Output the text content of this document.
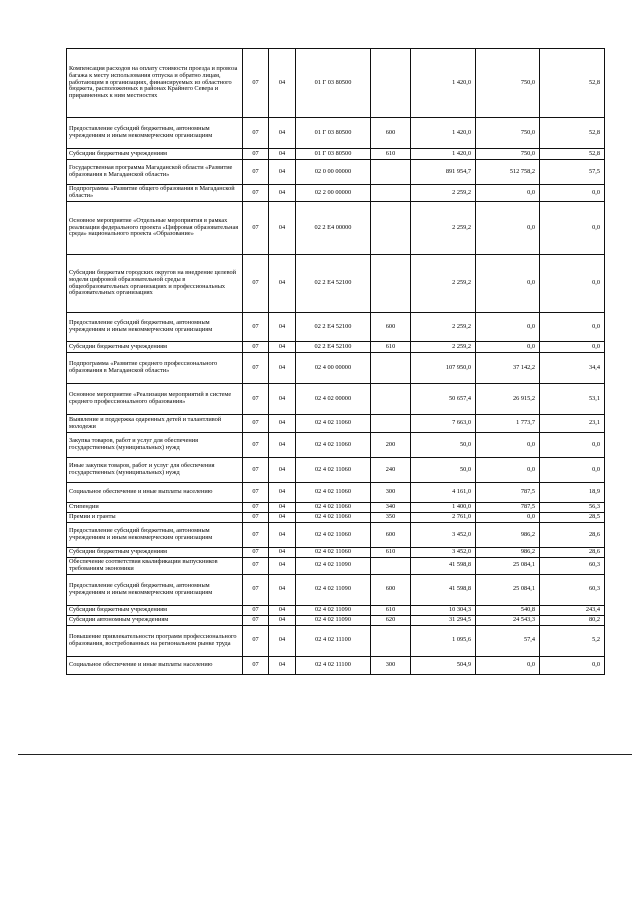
Компенсация расходов на оплату стоимости проезда и провоза багажа к месту использования отпуска и обратно лицам, работающим в организациях, финансируемых из областного бюджета, расположенных в районах Крайнего Севера и приравненных к ним местностях	07	04	01 Г 03 80500		1 420,0	750,0	52,8
Предоставление субсидий бюджетным, автономным учреждениям и иным некоммерческим организациям	07	04	01 Г 03 80500	600	1 420,0	750,0	52,8
Субсидии бюджетным учреждениям	07	04	01 Г 03 80500	610	1 420,0	750,0	52,8
Государственная программа Магаданской области «Развитие образования в Магаданской области»	07	04	02 0 00 00000		891 954,7	512 758,2	57,5
Подпрограмма «Развитие общего образования в Магаданской области»	07	04	02 2 00 00000		2 259,2	0,0	0,0
Основное мероприятие «Отдельные мероприятия в рамках реализации федерального проекта «Цифровая образовательная среда» национального проекта «Образование»	07	04	02 2 E4 00000		2 259,2	0,0	0,0
Субсидии бюджетам городских округов на внедрение целевой модели цифровой образовательной среды в общеобразовательных организациях и профессиональных образовательных организациях	07	04	02 2 E4 52100		2 259,2	0,0	0,0
Предоставление субсидий бюджетным, автономным учреждениям и иным некоммерческим организациям	07	04	02 2 E4 52100	600	2 259,2	0,0	0,0
Субсидии бюджетным учреждениям	07	04	02 2 E4 52100	610	2 259,2	0,0	0,0
Подпрограмма «Развитие среднего профессионального образования в Магаданской области»	07	04	02 4 00 00000		107 950,0	37 142,2	34,4
Основное мероприятие «Реализация мероприятий в системе среднего профессионального образования»	07	04	02 4 02 00000		50 657,4	26 915,2	53,1
Выявление и поддержка одаренных детей и талантливой молодежи	07	04	02 4 02 11060		7 663,0	1 773,7	23,1
Закупка товаров, работ и услуг для обеспечения государственных (муниципальных) нужд	07	04	02 4 02 11060	200	50,0	0,0	0,0
Иные закупки товаров, работ и услуг для обеспечения государственных (муниципальных) нужд	07	04	02 4 02 11060	240	50,0	0,0	0,0
Социальное обеспечение и иные выплаты населению	07	04	02 4 02 11060	300	4 161,0	787,5	18,9
Стипендии	07	04	02 4 02 11060	340	1 400,0	787,5	56,3
Премии и гранты	07	04	02 4 02 11060	350	2 761,0	0,0	28,5
Предоставление субсидий бюджетным, автономным учреждениям и иным некоммерческим организациям	07	04	02 4 02 11060	600	3 452,0	986,2	28,6
Субсидии бюджетным учреждениям	07	04	02 4 02 11060	610	3 452,0	986,2	28,6
Обеспечение соответствия квалификации выпускников требованиям экономики	07	04	02 4 02 11090		41 598,8	25 084,1	60,3
Предоставление субсидий бюджетным, автономным учреждениям и иным некоммерческим организациям	07	04	02 4 02 11090	600	41 598,8	25 084,1	60,3
Субсидии бюджетным учреждениям	07	04	02 4 02 11090	610	10 304,3	540,8	243,4
Субсидии автономным учреждениям	07	04	02 4 02 11090	620	31 294,5	24 543,3	80,2
Повышение привлекательности программ профессионального образования, востребованных на региональном рынке труда	07	04	02 4 02 11100		1 095,6	57,4	5,2
Социальное обеспечение и иные выплаты населению	07	04	02 4 02 11100	300	504,9	0,0	0,0
